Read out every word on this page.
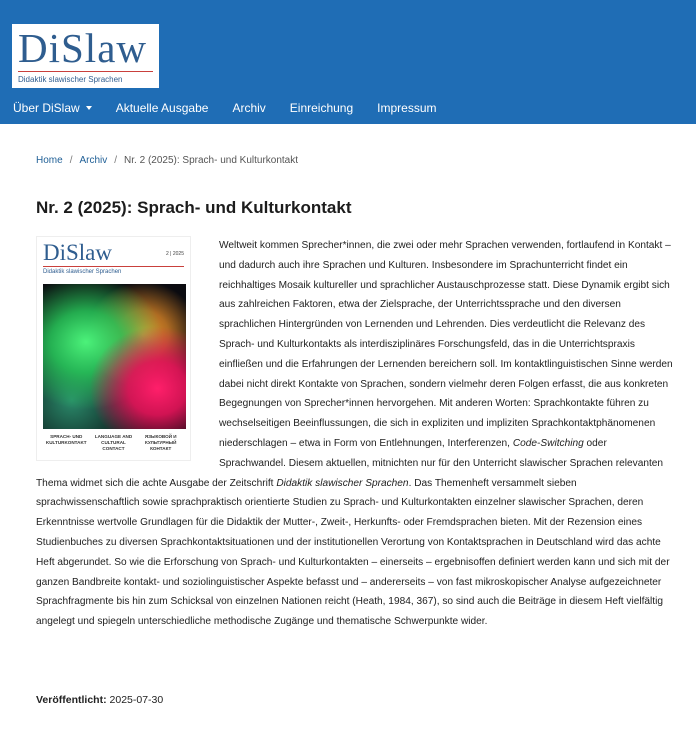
DiSlaw
Didaktik slawischer Sprachen
Über DiSlaw	Aktuelle Ausgabe Archiv Einreichung Impressum
Home / Archiv / Nr. 2 (2025): Sprach- und Kulturkontakt
Nr. 2 (2025): Sprach- und Kulturkontakt
DiSlaw	2 | 2025
Didaktik slawischer Sprachen
SPRACH- UND KULTURKONTAKT
LANGUAGE AND CULTURAL CONTACT
ЯЗЫКОВОЙ И КУЛЬТУРНЫЙ КОНТАКТ

Weltweit kommen Sprecher*innen, die zwei oder mehr Sprachen verwenden, fortlaufend in Kontakt – und dadurch auch ihre Sprachen und Kulturen. Insbesondere im Sprachunterricht findet ein reichhaltiges Mosaik kultureller und sprachlicher Austauschprozesse statt. Diese Dynamik ergibt sich aus zahlreichen Faktoren, etwa der Zielsprache, der Unterrichtssprache und den diversen sprachlichen Hintergründen von Lernenden und Lehrenden. Dies verdeutlicht die Relevanz des Sprach- und Kulturkontakts als interdisziplinäres Forschungsfeld, das in die Unterrichtspraxis einfließen und die Erfahrungen der Lernenden bereichern soll. Im kontaktlinguistischen Sinne werden dabei nicht direkt Kontakte von Sprachen, sondern vielmehr deren Folgen erfasst, die aus konkreten Begegnungen von Sprecher*innen hervorgehen. Mit anderen Worten: Sprachkontakte führen zu wechselseitigen Beeinflussungen, die sich in expliziten und impliziten Sprachkontaktphänomenen niederschlagen – etwa in Form von Entlehnungen, Interferenzen, Code-Switching oder Sprachwandel. Diesem aktuellen, mitnichten nur für den Unterricht slawischer Sprachen relevanten Thema widmet sich die achte Ausgabe der Zeitschrift Didaktik slawischer Sprachen. Das Themenheft versammelt sieben sprachwissenschaftlich sowie sprachpraktisch orientierte Studien zu Sprach- und Kulturkontakten einzelner slawischer Sprachen, deren Erkenntnisse wertvolle Grundlagen für die Didaktik der Mutter-, Zweit-, Herkunfts- oder Fremdsprachen bieten. Mit der Rezension eines Studienbuches zu diversen Sprachkontaktsituationen und der institutionellen Verortung von Kontaktsprachen in Deutschland wird das achte Heft abgerundet. So wie die Erforschung von Sprach- und Kulturkontakten – einerseits – ergebnisoffen definiert werden kann und sich mit der ganzen Bandbreite kontakt- und soziolinguistischer Aspekte befasst und – andererseits – von fast mikroskopischer Analyse aufgezeichneter Sprachfragmente bis hin zum Schicksal von einzelnen Nationen reicht (Heath, 1984, 367), so sind auch die Beiträge in diesem Heft vielfältig angelegt und spiegeln unterschiedliche methodische Zugänge und thematische Schwerpunkte wider.

Veröffentlicht: 2025-07-30
